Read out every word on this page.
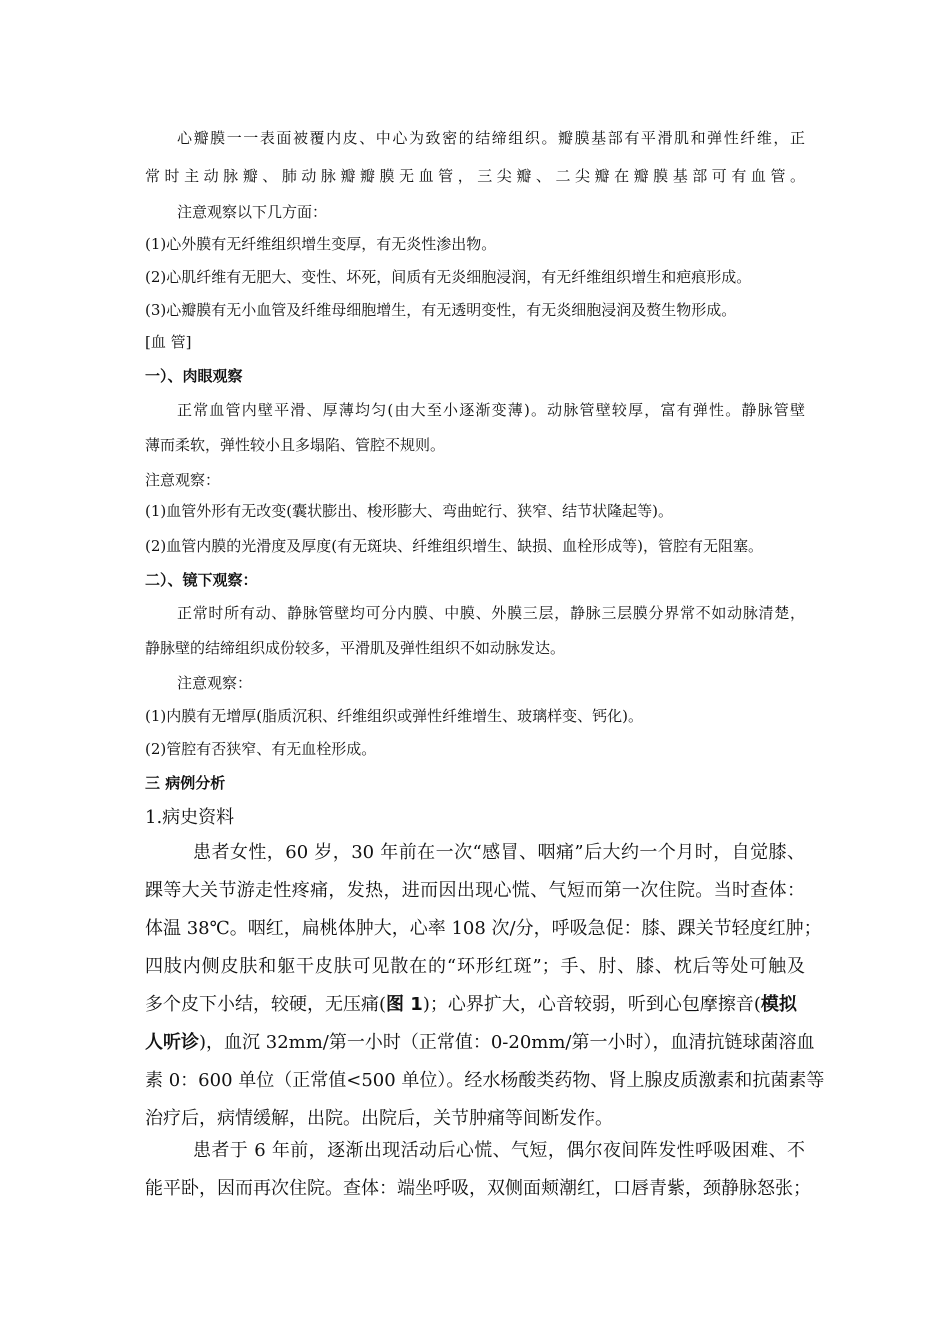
心瓣膜一一表面被覆内皮、中心为致密的结缔组织。瓣膜基部有平滑肌和弹性纤维，正
常时主动脉瓣、肺动脉瓣瓣膜无血管，三尖瓣、二尖瓣在瓣膜基部可有血管。
注意观察以下几方面：
(1)心外膜有无纤维组织增生变厚，有无炎性渗出物。
(2)心肌纤维有无肥大、变性、坏死，间质有无炎细胞浸润，有无纤维组织增生和疤痕形成。
(3)心瓣膜有无小血管及纤维母细胞增生，有无透明变性，有无炎细胞浸润及赘生物形成。
[血 管]
一）、肉眼观察
正常血管内壁平滑、厚薄均匀(由大至小逐渐变薄)。动脉管壁较厚，富有弹性。静脉管壁
薄而柔软，弹性较小且多塌陷、管腔不规则。
注意观察：
(1)血管外形有无改变(囊状膨出、梭形膨大、弯曲蛇行、狭窄、结节状隆起等)。
(2)血管内膜的光滑度及厚度(有无斑块、纤维组织增生、缺损、血栓形成等)，管腔有无阻塞。
二）、镜下观察：
正常时所有动、静脉管壁均可分内膜、中膜、外膜三层，静脉三层膜分界常不如动脉清楚，
静脉壁的结缔组织成份较多，平滑肌及弹性组织不如动脉发达。
注意观察：
(1)内膜有无增厚(脂质沉积、纤维组织或弹性纤维增生、玻璃样变、钙化)。
(2)管腔有否狭窄、有无血栓形成。
三 病例分析
1.病史资料
患者女性，60 岁，30 年前在一次“感冒、咽痛”后大约一个月时，自觉膝、
踝等大关节游走性疼痛，发热，进而因出现心慌、气短而第一次住院。当时查体：
体温 38℃。咽红，扁桃体肿大，心率 108 次/分，呼吸急促：膝、踝关节轻度红肿；
四肢内侧皮肤和躯干皮肤可见散在的“环形红斑”；手、肘、膝、枕后等处可触及
多个皮下小结，较硬，无压痛(图 1)；心界扩大，心音较弱，听到心包摩擦音(模拟
人听诊)，血沉 32mm/第一小时（正常值：0-20mm/第一小时），血清抗链球菌溶血
素 0：600 单位（正常值<500 单位）。经水杨酸类药物、肾上腺皮质激素和抗菌素等
治疗后，病情缓解，出院。出院后，关节肿痛等间断发作。
患者于 6 年前，逐渐出现活动后心慌、气短，偶尔夜间阵发性呼吸困难、不
能平卧，因而再次住院。查体：端坐呼吸，双侧面颊潮红，口唇青紫，颈静脉怒张；
